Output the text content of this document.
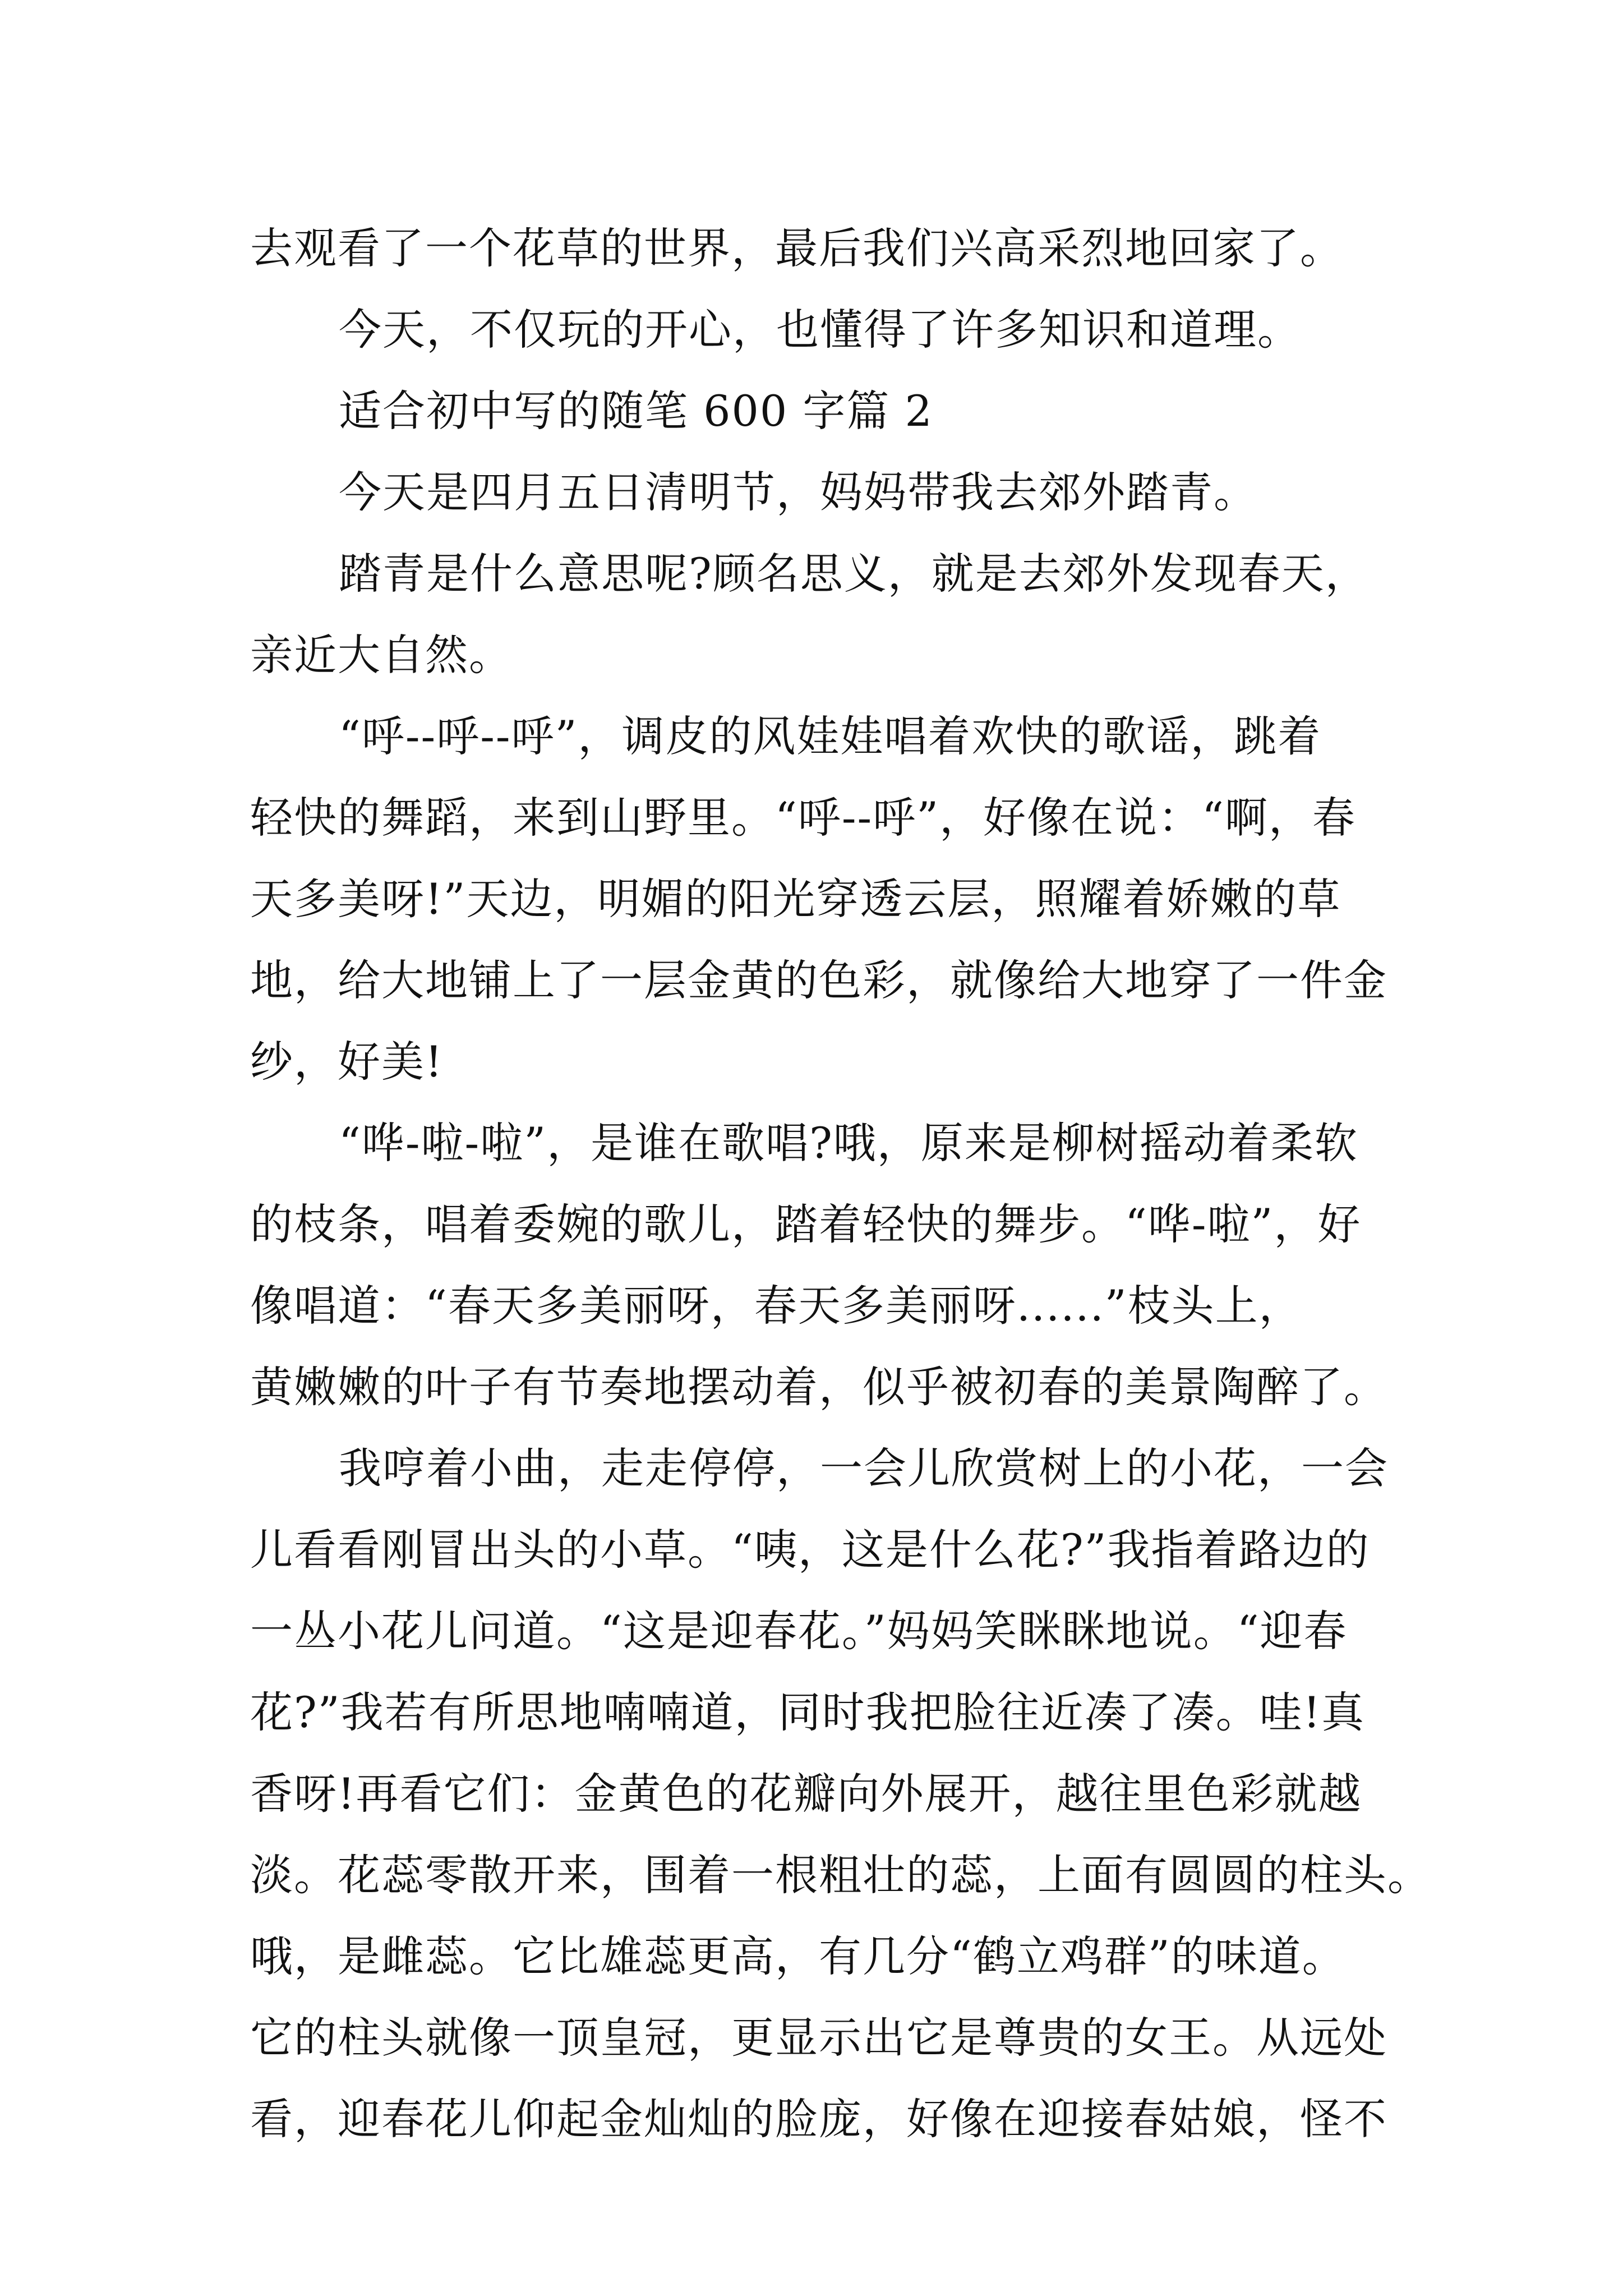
去观看了一个花草的世界，最后我们兴高采烈地回家了。

今天，不仅玩的开心，也懂得了许多知识和道理。

适合初中写的随笔 600 字篇 2

今天是四月五日清明节，妈妈带我去郊外踏青。

踏青是什么意思呢?顾名思义，就是去郊外发现春天，

亲近大自然。

“呼--呼--呼”，调皮的风娃娃唱着欢快的歌谣，跳着

轻快的舞蹈，来到山野里。“呼--呼”，好像在说：“啊，春

天多美呀!”天边，明媚的阳光穿透云层，照耀着娇嫩的草

地，给大地铺上了一层金黄的色彩，就像给大地穿了一件金

纱，好美!

“哗-啦-啦”，是谁在歌唱?哦，原来是柳树摇动着柔软

的枝条，唱着委婉的歌儿，踏着轻快的舞步。“哗-啦”，好

像唱道：“春天多美丽呀，春天多美丽呀......”枝头上，

黄嫩嫩的叶子有节奏地摆动着，似乎被初春的美景陶醉了。

我哼着小曲，走走停停，一会儿欣赏树上的小花，一会

儿看看刚冒出头的小草。“咦，这是什么花?”我指着路边的

一丛小花儿问道。“这是迎春花。”妈妈笑眯眯地说。“迎春

花?”我若有所思地喃喃道，同时我把脸往近凑了凑。哇!真

香呀!再看它们：金黄色的花瓣向外展开，越往里色彩就越

淡。花蕊零散开来，围着一根粗壮的蕊，上面有圆圆的柱头。

哦，是雌蕊。它比雄蕊更高，有几分“鹤立鸡群”的味道。

它的柱头就像一顶皇冠，更显示出它是尊贵的女王。从远处

看，迎春花儿仰起金灿灿的脸庞，好像在迎接春姑娘，怪不
